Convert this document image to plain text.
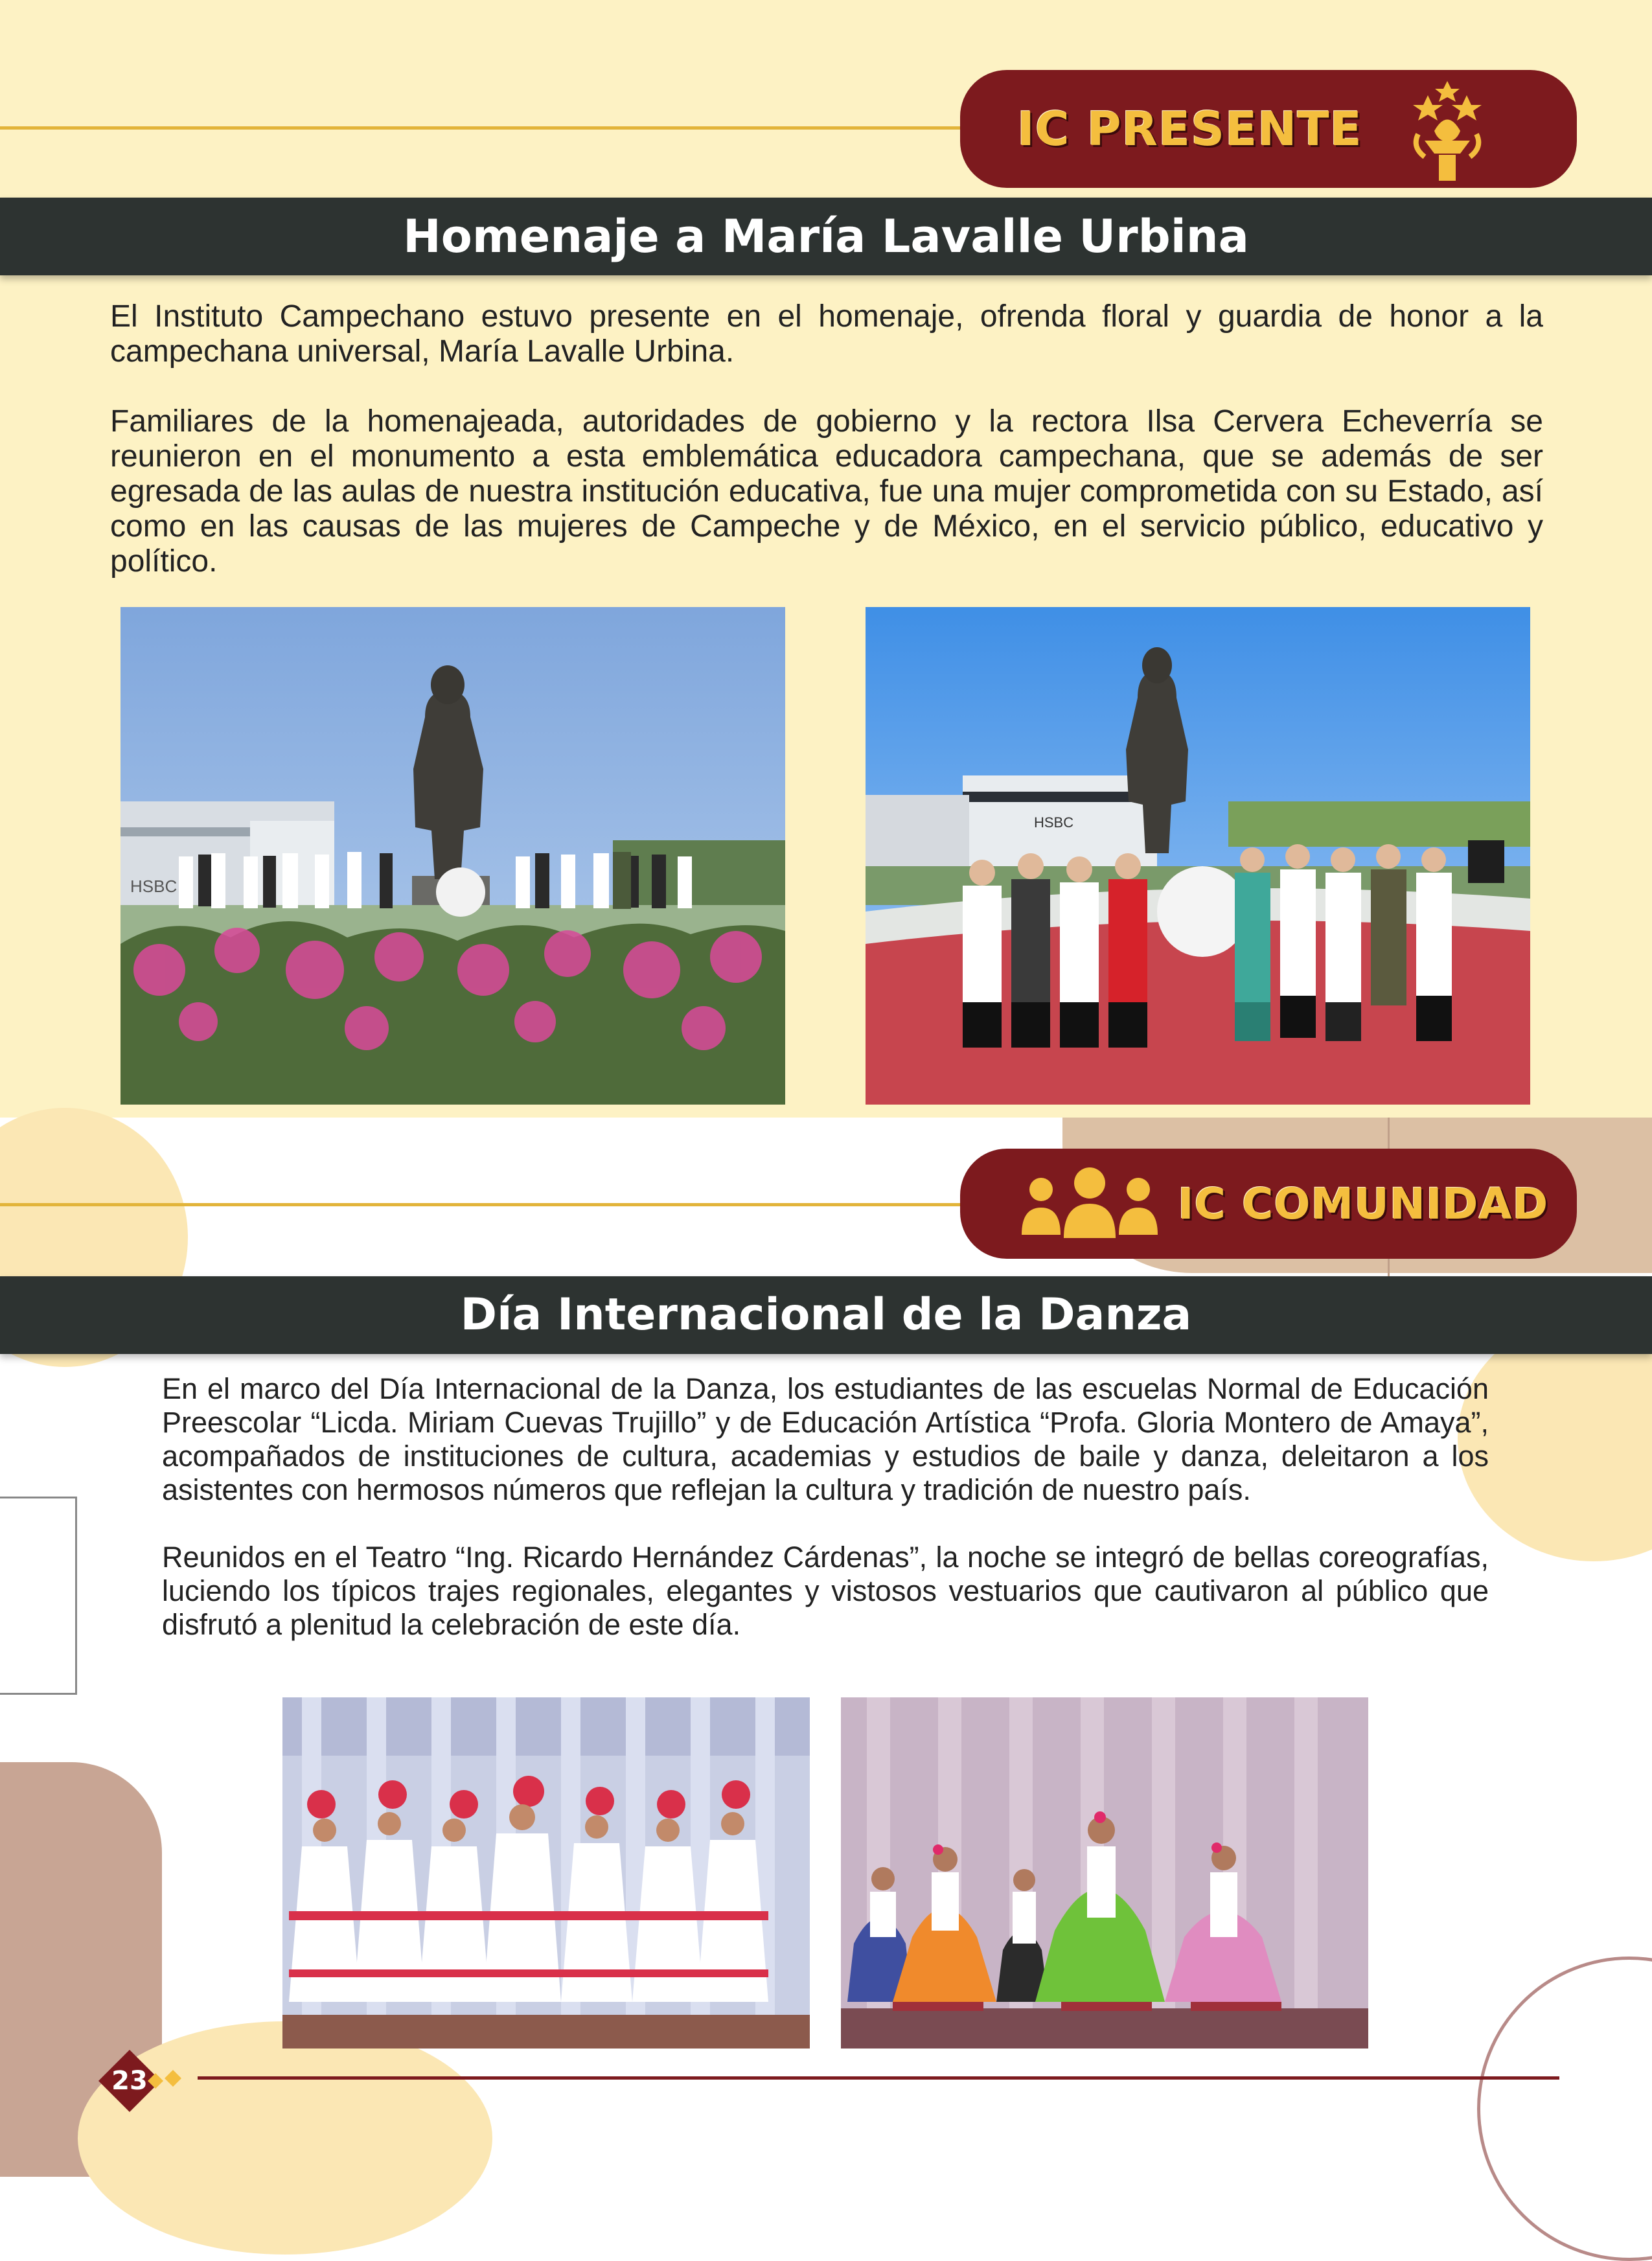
IC PRESENTE
Homenaje a María Lavalle Urbina

El Instituto Campechano estuvo presente en el homenaje, ofrenda floral y guardia de honor a la campechana universal, María Lavalle Urbina.

Familiares de la homenajeada, autoridades de gobierno y la rectora Ilsa Cervera Echeverría se reunieron en el monumento a esta emblemática educadora campechana, que se además de ser egresada de las aulas de nuestra institución educativa, fue una mujer comprometida con su Estado, así como en las causas de las mujeres de Campeche y de México, en el servicio público, educativo y político.

HSBC
HSBC
IC COMUNIDAD
Día Internacional de la Danza

En el marco del Día Internacional de la Danza, los estudiantes de las escuelas Normal de Educación Preescolar “Licda. Miriam Cuevas Trujillo” y de Educación Artística “Profa. Gloria Montero de Amaya”, acompañados de instituciones de cultura, academias y estudios de baile y danza, deleitaron a los asistentes con hermosos números que reflejan la cultura y tradición de nuestro país.

Reunidos en el Teatro “Ing. Ricardo Hernández Cárdenas”, la noche se integró de bellas coreografías, luciendo los típicos trajes regionales, elegantes y vistosos vestuarios que cautivaron al público que disfrutó a plenitud la celebración de este día.

23
